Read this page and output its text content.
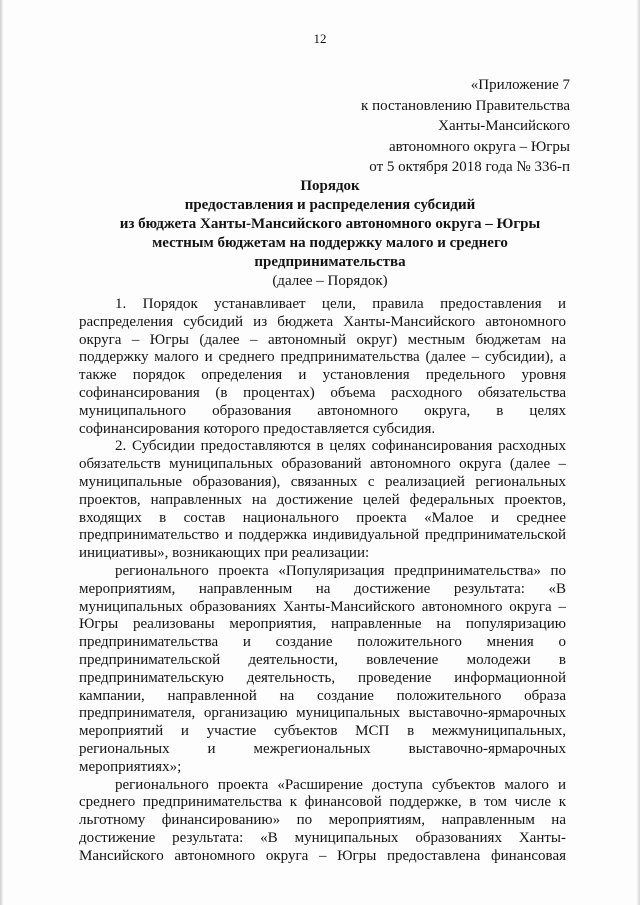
12
«Приложение 7
к постановлению Правительства
Ханты-Мансийского
автономного округа – Югры
от 5 октября 2018 года № 336-п
Порядок
предоставления и распределения субсидий
из бюджета Ханты-Мансийского автономного округа – Югры
местным бюджетам на поддержку малого и среднего
предпринимательства
(далее – Порядок)

1. Порядок устанавливает цели, правила предоставления и распределения субсидий из бюджета Ханты-Мансийского автономного округа – Югры (далее – автономный округ) местным бюджетам на поддержку малого и среднего предпринимательства (далее – субсидии), а также порядок определения и установления предельного уровня софинансирования (в процентах) объема расходного обязательства муниципального образования автономного округа, в целях софинансирования которого предоставляется субсидия.

2. Субсидии предоставляются в целях софинансирования расходных обязательств муниципальных образований автономного округа (далее – муниципальные образования), связанных с реализацией региональных проектов, направленных на достижение целей федеральных проектов, входящих в состав национального проекта «Малое и среднее предпринимательство и поддержка индивидуальной предпринимательской инициативы», возникающих при реализации:

регионального проекта «Популяризация предпринимательства» по мероприятиям, направленным на достижение результата: «В муниципальных образованиях Ханты-Мансийского автономного округа – Югры реализованы мероприятия, направленные на популяризацию предпринимательства и создание положительного мнения о предпринимательской деятельности, вовлечение молодежи в предпринимательскую деятельность, проведение информационной кампании, направленной на создание положительного образа предпринимателя, организацию муниципальных выставочно-ярмарочных мероприятий и участие субъектов МСП в межмуниципальных, региональных и межрегиональных выставочно-ярмарочных мероприятиях»;

регионального проекта «Расширение доступа субъектов малого и среднего предпринимательства к финансовой поддержке, в том числе к льготному финансированию» по мероприятиям, направленным на достижение результата: «В муниципальных образованиях Ханты-Мансийского автономного округа – Югры предоставлена финансовая
